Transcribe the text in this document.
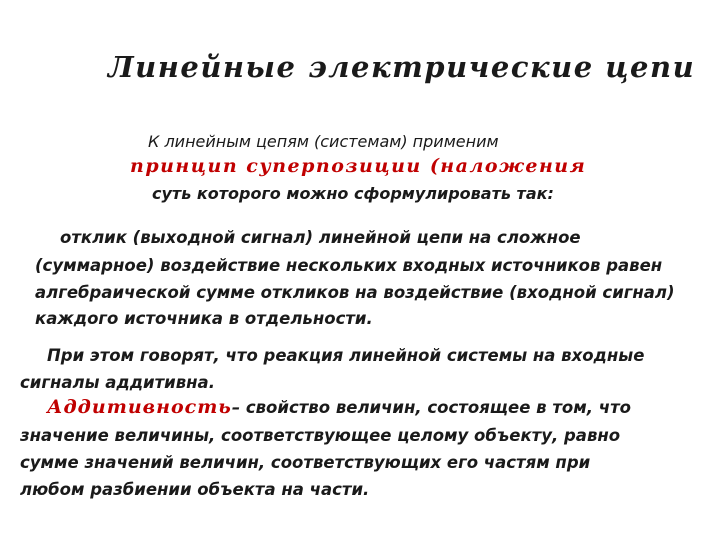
Линейные электрические цепи
К линейным цепям (системам) применим
принцип суперпозиции (наложения
суть которого можно сформулировать так:
отклик (выходной сигнал) линейной цепи на сложное
(суммарное) воздействие нескольких входных источников равен
алгебраической сумме откликов на воздействие (входной сигнал)
каждого источника в отдельности.
При этом говорят, что реакция линейной системы на входные
сигналы аддитивна.
Аддитивность– свойство величин, состоящее в том, что
значение величины, соответствующее целому объекту, равно
сумме значений величин, соответствующих его частям при
любом разбиении объекта на части.
